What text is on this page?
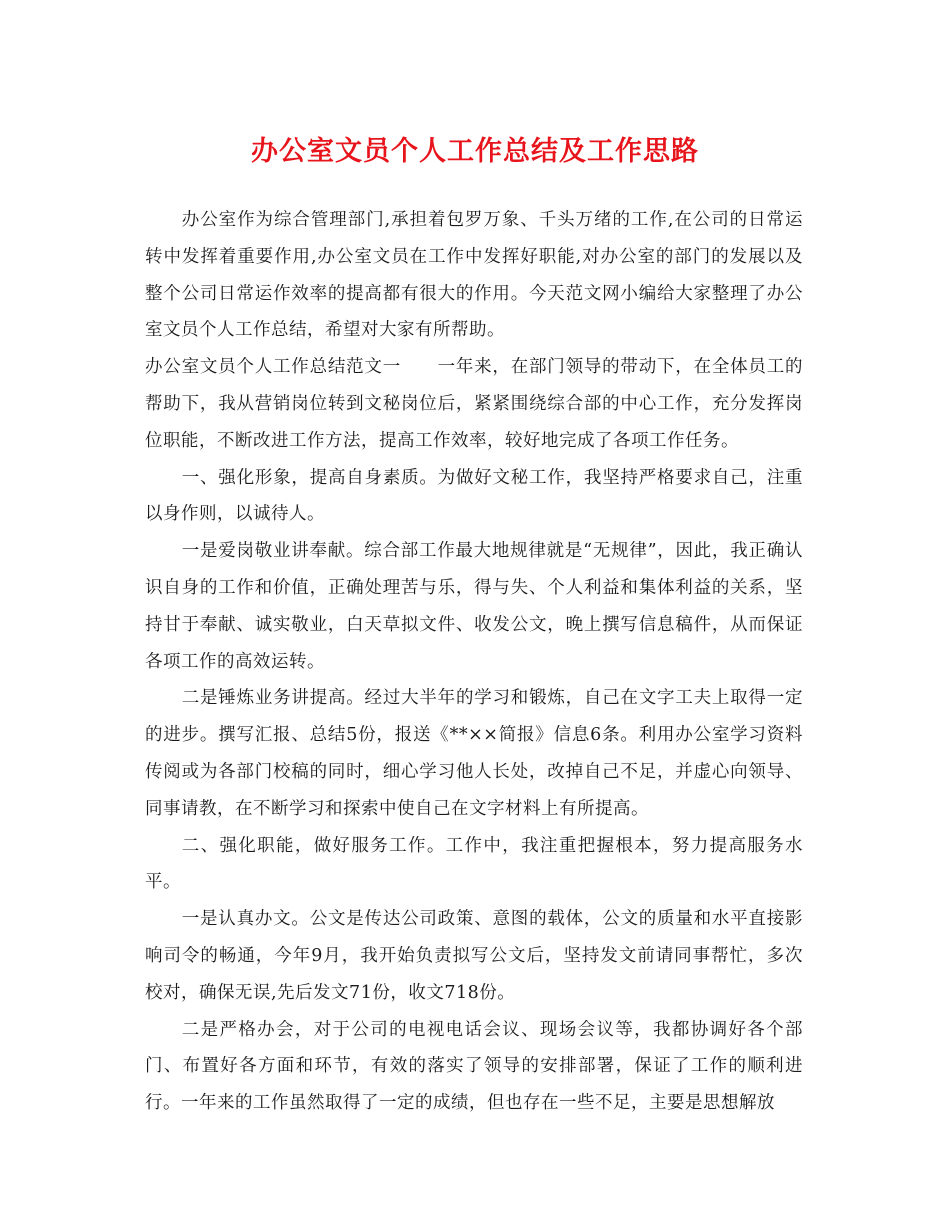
办公室文员个人工作总结及工作思路

办公室作为综合管理部门,承担着包罗万象、千头万绪的工作,在公司的日常运转中发挥着重要作用,办公室文员在工作中发挥好职能,对办公室的部门的发展以及整个公司日常运作效率的提高都有很大的作用。今天范文网小编给大家整理了办公室文员个人工作总结，希望对大家有所帮助。

办公室文员个人工作总结范文一　　一年来，在部门领导的带动下，在全体员工的帮助下，我从营销岗位转到文秘岗位后，紧紧围绕综合部的中心工作，充分发挥岗位职能，不断改进工作方法，提高工作效率，较好地完成了各项工作任务。

一、强化形象，提高自身素质。为做好文秘工作，我坚持严格要求自己，注重以身作则，以诚待人。

一是爱岗敬业讲奉献。综合部工作最大地规律就是“无规律”，因此，我正确认识自身的工作和价值，正确处理苦与乐，得与失、个人利益和集体利益的关系，坚持甘于奉献、诚实敬业，白天草拟文件、收发公文，晚上撰写信息稿件，从而保证各项工作的高效运转。

二是锤炼业务讲提高。经过大半年的学习和锻炼，自己在文字工夫上取得一定的进步。撰写汇报、总结5份，报送《**××简报》信息6条。利用办公室学习资料传阅或为各部门校稿的同时，细心学习他人长处，改掉自己不足，并虚心向领导、同事请教，在不断学习和探索中使自己在文字材料上有所提高。

二、强化职能，做好服务工作。工作中，我注重把握根本，努力提高服务水平。

一是认真办文。公文是传达公司政策、意图的载体，公文的质量和水平直接影响司令的畅通，今年9月，我开始负责拟写公文后，坚持发文前请同事帮忙，多次校对，确保无误,先后发文71份，收文718份。

二是严格办会，对于公司的电视电话会议、现场会议等，我都协调好各个部门、布置好各方面和环节，有效的落实了领导的安排部署，保证了工作的顺利进行。一年来的工作虽然取得了一定的成绩，但也存在一些不足，主要是思想解放
